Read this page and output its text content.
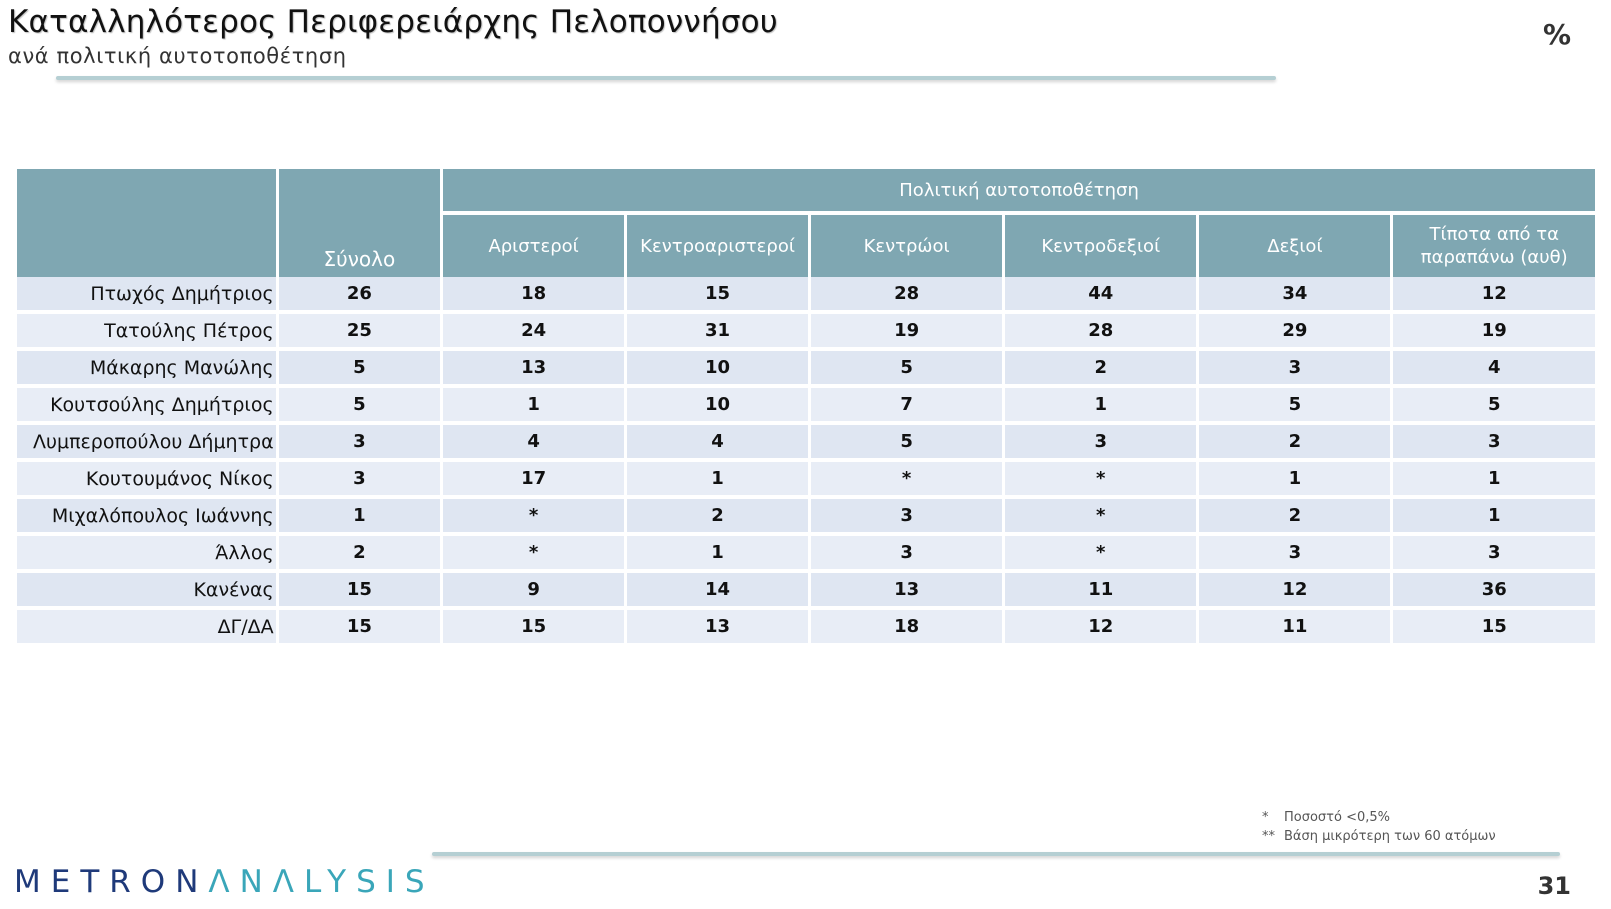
Καταλληλότερος Περιφερειάρχης Πελοποννήσου
ανά πολιτική αυτοτοποθέτηση
%
	Σύνολο	Πολιτική αυτοτοποθέτηση					

		Αριστεροί	Κεντροαριστεροί	Κεντρώοι	Κεντροδεξιοί	Δεξιοί	Τίποτα από τα παραπάνω (αυθ)
Πτωχός Δημήτριος	26	18	15	28	44	34	12
Τατούλης Πέτρος	25	24	31	19	28	29	19
Μάκαρης Μανώλης	5	13	10	5	2	3	4
Κουτσούλης Δημήτριος	5	1	10	7	1	5	5
Λυμπεροπούλου Δήμητρα	3	4	4	5	3	2	3
Κουτουμάνος Νίκος	3	17	1	*	*	1	1
Μιχαλόπουλος Ιωάννης	1	*	2	3	*	2	1
Άλλος	2	*	1	3	*	3	3
Κανένας	15	9	14	13	11	12	36
ΔΓ/ΔΑ	15	15	13	18	12	11	15
* Ποσοστό <0,5%
** Βάση μικρότερη των 60 ατόμων
METRONΛNΛLYSIS	31
